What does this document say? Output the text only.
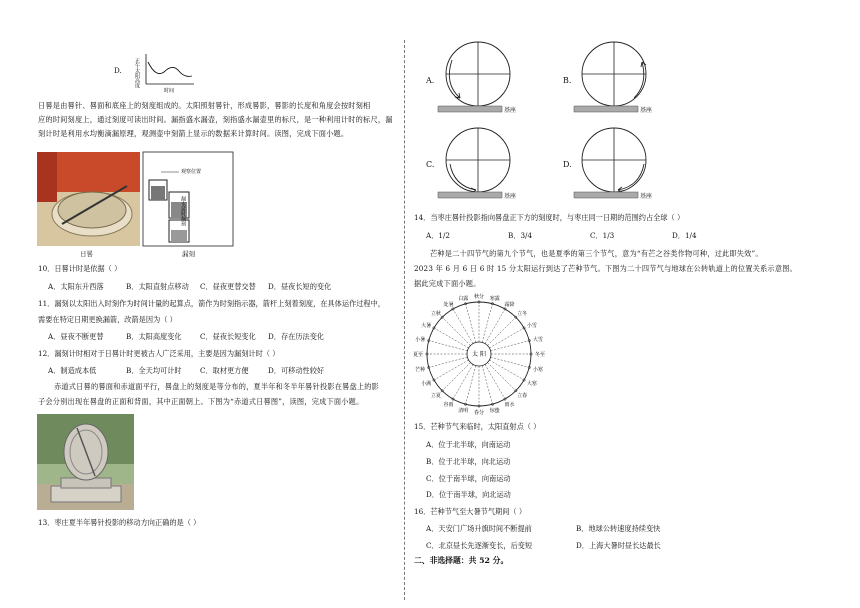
D. 正午太阳高度
时间
日晷是由晷针、晷面和底座上的刻度组成的。太阳照射晷针，形成晷影，晷影的长度和角度会按时刻相
应的时间刻度上，通过刻度可读出时间。漏指盛水漏壶，刻指盛水漏壶里的标尺，是一种利用计时的标尺，漏
刻计时是利用水均衡滴漏原理，观测壶中刻箭上显示的数据来计算时间。读图，完成下面小题。
日晷
观察位置
漏水延时漏刻
漏刻
10．日晷计时是依据（ ）
A．太阳东升西落	B．太阳直射点移动 C．昼夜更替交替 D．昼夜长短的变化
11．漏刻以太阳出入时刻作为时间计量的起算点，箭作为时刻指示器，箭杆上刻着刻度，在具体运作过程中，
需要在特定日期更换漏箭，改箭是因为（ ）
A．昼夜不断更替	B．太阳高度变化	C．昼夜长短变化 D．存在历法变化
12．漏刻计时相对于日晷计时更被古人广泛采用，主要是因为漏刻计时（ ）
A．制造成本低	B．全天均可计时	C．取材更方便	D．可移动性较好
赤道式日晷的晷面和赤道面平行，晷盘上的刻度是等分布的，夏半年和冬半年晷针投影在晷盘上的影
子会分别出现在晷盘的正面和背面，其中正面朝上。下图为“赤道式日晷图”，读图，完成下面小题。
13．枣庄夏半年晷针投影的移动方向正确的是（ ）
A.
基座
B.
基座
C.
基座
D.
基座
14．当枣庄晷针投影指向晷盘正下方的刻度时，与枣庄同一日期的范围约占全球（ ）
A．1/2	B．3/4	C．1/3	D．1/4
芒种是二十四节气的第九个节气，也是夏季的第三个节气，意为“有芒之谷类作物可种，过此即失效”。
2023 年 6 月 6 日 6 时 15 分太阳运行到达了芒种节气。下图为二十四节气与地球在公转轨道上的位置关系示意图。
据此完成下面小题。
夏至
小暑
大暑
立秋
处暑
白露 秋分 寒露
霜降
立冬
小雪
大雪
冬至
小寒
大寒
立春
雨水
惊蛰
春分
清明
谷雨
立夏
小满
芒种
太 阳
15．芒种节气来临时，太阳直射点（ ）
A．位于北半球，向南运动
B．位于北半球，向北运动
C．位于南半球，向南运动
D．位于南半球，向北运动
16．芒种节气至大暑节气期间（ ）
A．天安门广场升旗时间不断提前	B．地球公转速度持续变快
C．北京昼长先逐渐变长，后变短	D．上海大暑时昼长达最长
二、非选择题：共 52 分。
